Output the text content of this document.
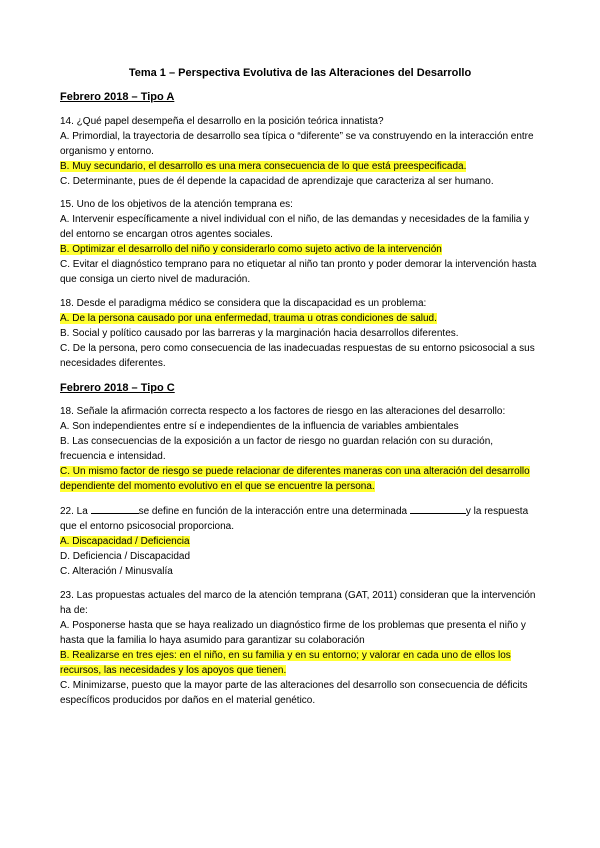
Tema 1 – Perspectiva Evolutiva de las Alteraciones del Desarrollo
Febrero 2018 – Tipo A

14. ¿Qué papel desempeña el desarrollo en la posición teórica innatista?

A. Primordial, la trayectoria de desarrollo sea típica o “diferente” se va construyendo en la interacción entre organismo y entorno.

B. Muy secundario, el desarrollo es una mera consecuencia de lo que está preespecificada.

C. Determinante, pues de él depende la capacidad de aprendizaje que caracteriza al ser humano.

15. Uno de los objetivos de la atención temprana es:

A. Intervenir específicamente a nivel individual con el niño, de las demandas y necesidades de la familia y del entorno se encargan otros agentes sociales.

B. Optimizar el desarrollo del niño y considerarlo como sujeto activo de la intervención

C. Evitar el diagnóstico temprano para no etiquetar al niño tan pronto y poder demorar la intervención hasta que consiga un cierto nivel de maduración.

18. Desde el paradigma médico se considera que la discapacidad es un problema:

A. De la persona causado por una enfermedad, trauma u otras condiciones de salud.

B. Social y político causado por las barreras y la marginación hacia desarrollos diferentes.

C. De la persona, pero como consecuencia de las inadecuadas respuestas de su entorno psicosocial a sus necesidades diferentes.

Febrero 2018 – Tipo C

18. Señale la afirmación correcta respecto a los factores de riesgo en las alteraciones del desarrollo:

A. Son independientes entre sí e independientes de la influencia de variables ambientales

B. Las consecuencias de la exposición a un factor de riesgo no guardan relación con su duración, frecuencia e intensidad.

C. Un mismo factor de riesgo se puede relacionar de diferentes maneras con una alteración del desarrollo dependiente del momento evolutivo en el que se encuentre la persona.

22. La	se define en función de la interacción entre una determinada	y la respuesta que el entorno psicosocial proporciona.

A. Discapacidad / Deficiencia

D. Deficiencia / Discapacidad

C. Alteración / Minusvalía

23. Las propuestas actuales del marco de la atención temprana (GAT, 2011) consideran que la intervención ha de:

A. Posponerse hasta que se haya realizado un diagnóstico firme de los problemas que presenta el niño y hasta que la familia lo haya asumido para garantizar su colaboración

B. Realizarse en tres ejes: en el niño, en su familia y en su entorno; y valorar en cada uno de ellos los recursos, las necesidades y los apoyos que tienen.

C. Minimizarse, puesto que la mayor parte de las alteraciones del desarrollo son consecuencia de déficits específicos producidos por daños en el material genético.
